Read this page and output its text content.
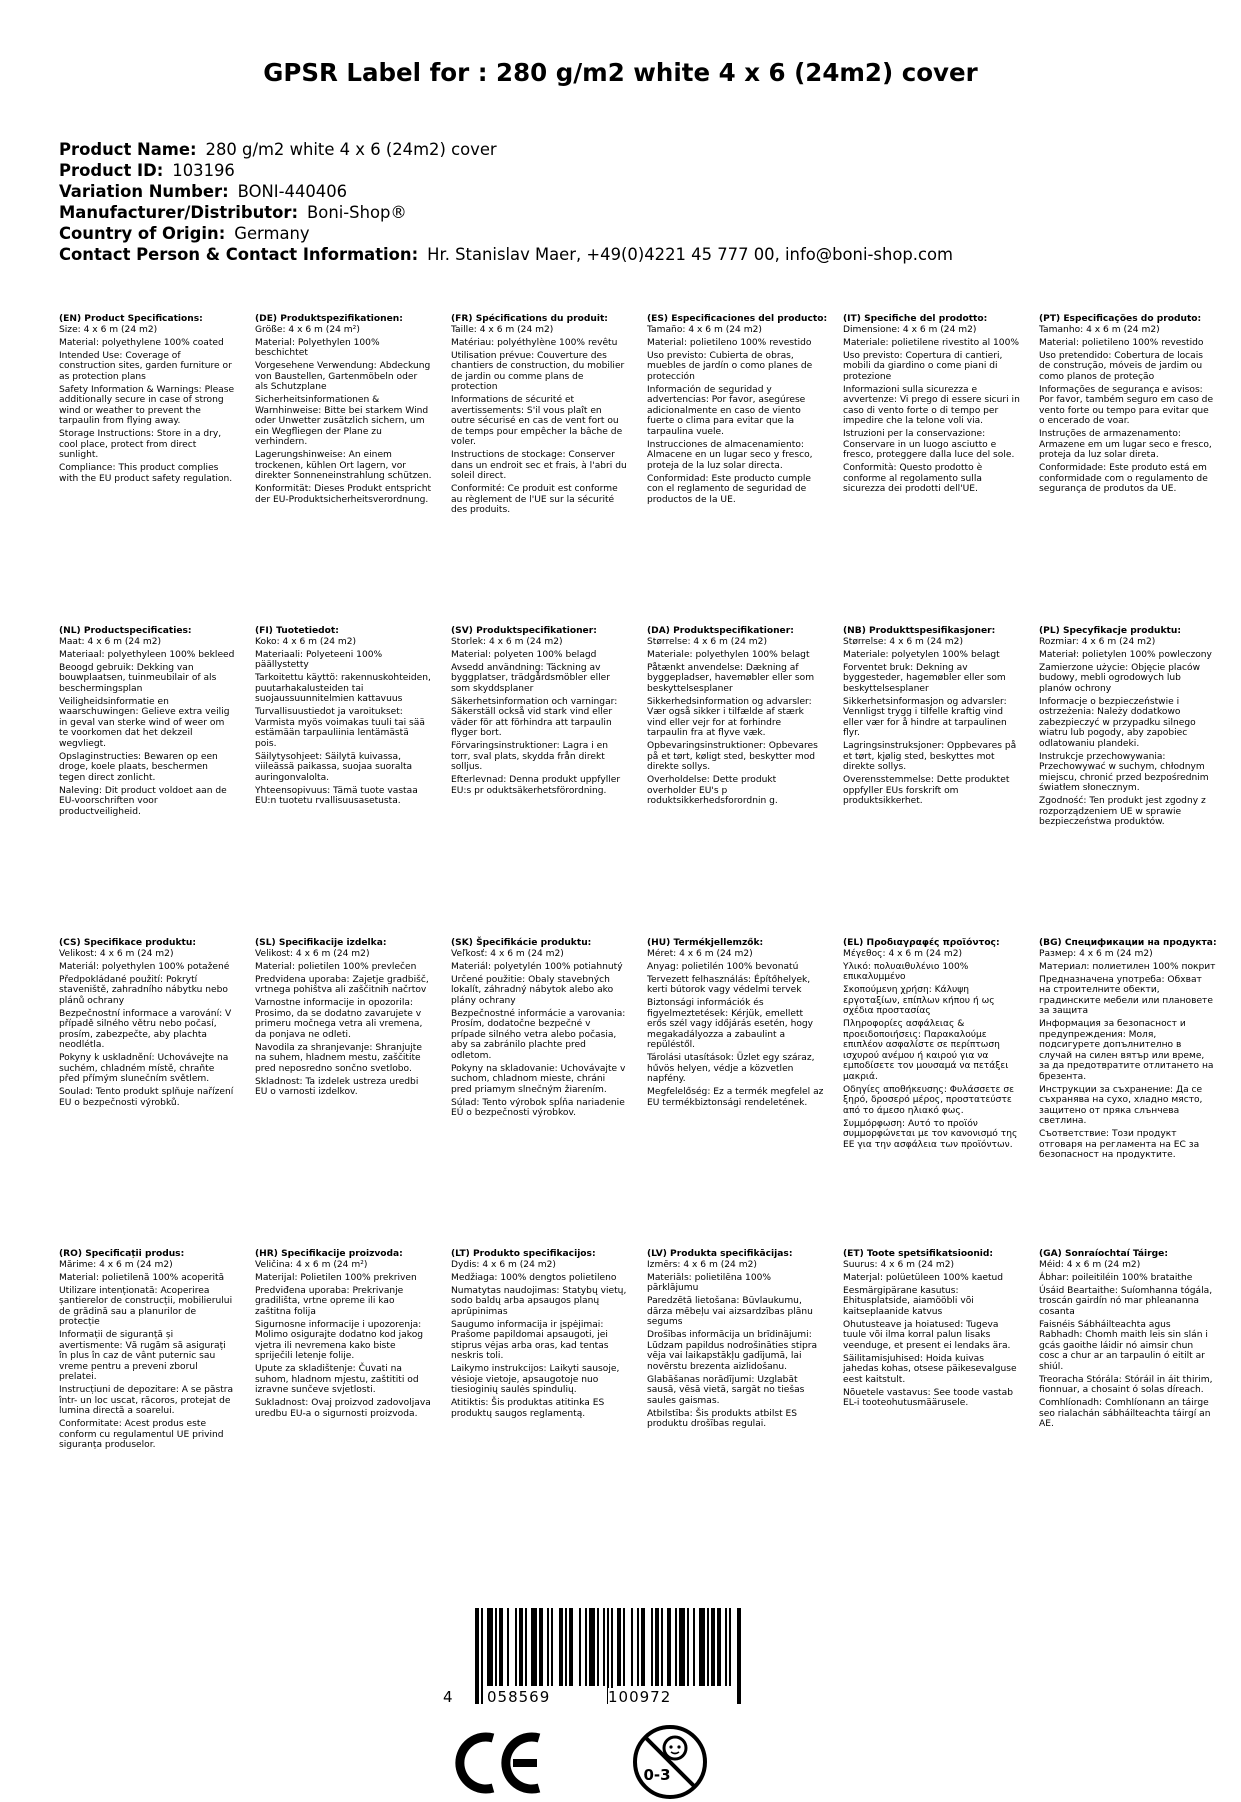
GPSR Label for : 280 g/m2 white 4 x 6 (24m2) cover
Product Name: 280 g/m2 white 4 x 6 (24m2) cover
Product ID: 103196
Variation Number: BONI-440406
Manufacturer/Distributor: Boni-Shop®
Country of Origin: Germany
Contact Person & Contact Information: Hr. Stanislav Maer, +49(0)4221 45 777 00, info@boni-shop.com
(EN) Product Specifications:

Size: 4 x 6 m (24 m2)

Material: polyethylene 100% coated

Intended Use: Coverage of construction sites, garden furniture or as protection plans

Safety Information & Warnings: Please additionally secure in case of strong wind or weather to prevent the tarpaulin from flying away.

Storage Instructions: Store in a dry, cool place, protect from direct sunlight.

Compliance: This product complies with the EU product safety regulation.

(DE) Produktspezifikationen:

Größe: 4 x 6 m (24 m²)

Material: Polyethylen 100% beschichtet

Vorgesehene Verwendung: Abdeckung von Baustellen, Gartenmöbeln oder als Schutzplane

Sicherheitsinformationen & Warnhinweise: Bitte bei starkem Wind oder Unwetter zusätzlich sichern, um ein Wegfliegen der Plane zu verhindern.

Lagerungshinweise: An einem trockenen, kühlen Ort lagern, vor direkter Sonneneinstrahlung schützen.

Konformität: Dieses Produkt entspricht der EU-Produktsicherheitsverordnung.

(FR) Spécifications du produit:

Taille: 4 x 6 m (24 m2)

Matériau: polyéthylène 100% revêtu

Utilisation prévue: Couverture des chantiers de construction, du mobilier de jardin ou comme plans de protection

Informations de sécurité et avertissements: S'il vous plaît en outre sécurisé en cas de vent fort ou de temps pour empêcher la bâche de voler.

Instructions de stockage: Conserver dans un endroit sec et frais, à l'abri du soleil direct.

Conformité: Ce produit est conforme au règlement de l'UE sur la sécurité des produits.

(ES) Especificaciones del producto:

Tamaño: 4 x 6 m (24 m2)

Material: polietileno 100% revestido

Uso previsto: Cubierta de obras, muebles de jardín o como planes de protección

Información de seguridad y advertencias: Por favor, asegúrese adicionalmente en caso de viento fuerte o clima para evitar que la tarpaulina vuele.

Instrucciones de almacenamiento: Almacene en un lugar seco y fresco, proteja de la luz solar directa.

Conformidad: Este producto cumple con el reglamento de seguridad de productos de la UE.

(IT) Specifiche del prodotto:

Dimensione: 4 x 6 m (24 m2)

Materiale: polietilene rivestito al 100%

Uso previsto: Copertura di cantieri, mobili da giardino o come piani di protezione

Informazioni sulla sicurezza e avvertenze: Vi prego di essere sicuri in caso di vento forte o di tempo per impedire che la telone voli via.

Istruzioni per la conservazione: Conservare in un luogo asciutto e fresco, proteggere dalla luce del sole.

Conformità: Questo prodotto è conforme al regolamento sulla sicurezza dei prodotti dell'UE.

(PT) Especificações do produto:

Tamanho: 4 x 6 m (24 m2)

Material: polietileno 100% revestido

Uso pretendido: Cobertura de locais de construção, móveis de jardim ou como planos de proteção

Informações de segurança e avisos: Por favor, também seguro em caso de vento forte ou tempo para evitar que o encerado de voar.

Instruções de armazenamento: Armazene em um lugar seco e fresco, proteja da luz solar direta.

Conformidade: Este produto está em conformidade com o regulamento de segurança de produtos da UE.

(NL) Productspecificaties:

Maat: 4 x 6 m (24 m2)

Materiaal: polyethyleen 100% bekleed

Beoogd gebruik: Dekking van bouwplaatsen, tuinmeubilair of als beschermingsplan

Veiligheidsinformatie en waarschuwingen: Gelieve extra veilig in geval van sterke wind of weer om te voorkomen dat het dekzeil wegvliegt.

Opslaginstructies: Bewaren op een droge, koele plaats, beschermen tegen direct zonlicht.

Naleving: Dit product voldoet aan de EU-voorschriften voor productveiligheid.

(FI) Tuotetiedot:

Koko: 4 x 6 m (24 m2)

Materiaali: Polyeteeni 100% päällystetty

Tarkoitettu käyttö: rakennuskohteiden, puutarhakalusteiden tai suojaussuunnitelmien kattavuus

Turvallisuustiedot ja varoitukset: Varmista myös voimakas tuuli tai sää estämään tarpauliinia lentämästä pois.

Säilytysohjeet: Säilytä kuivassa, viileässä paikassa, suojaa suoralta auringonvalolta.

Yhteensopivuus: Tämä tuote vastaa EU:n tuotetu rvallisuusasetusta.

(SV) Produktspecifikationer:

Storlek: 4 x 6 m (24 m2)

Material: polyeten 100% belagd

Avsedd användning: Täckning av byggplatser, trädgårdsmöbler eller som skyddsplaner

Säkerhetsinformation och varningar: Säkerställ också vid stark vind eller väder för att förhindra att tarpaulin flyger bort.

Förvaringsinstruktioner: Lagra i en torr, sval plats, skydda från direkt solljus.

Efterlevnad: Denna produkt uppfyller EU:s pr oduktsäkerhetsförordning.

(DA) Produktspecifikationer:

Størrelse: 4 x 6 m (24 m2)

Materiale: polyethylen 100% belagt

Påtænkt anvendelse: Dækning af byggepladser, havemøbler eller som beskyttelsesplaner

Sikkerhedsinformation og advarsler: Vær også sikker i tilfælde af stærk vind eller vejr for at forhindre tarpaulin fra at flyve væk.

Opbevaringsinstruktioner: Opbevares på et tørt, køligt sted, beskytter mod direkte sollys.

Overholdelse: Dette produkt overholder EU's p roduktsikkerhedsforordnin g.

(NB) Produkttspesifikasjoner:

Størrelse: 4 x 6 m (24 m2)

Materiale: polyetylen 100% belagt

Forventet bruk: Dekning av byggesteder, hagemøbler eller som beskyttelsesplaner

Sikkerhetsinformasjon og advarsler: Vennligst trygg i tilfelle kraftig vind eller vær for å hindre at tarpaulinen flyr.

Lagringsinstruksjoner: Oppbevares på et tørt, kjølig sted, beskyttes mot direkte sollys.

Overensstemmelse: Dette produktet oppfyller EUs forskrift om produktsikkerhet.

(PL) Specyfikacje produktu:

Rozmiar: 4 x 6 m (24 m2)

Materiał: polietylen 100% powleczony

Zamierzone użycie: Objęcie placów budowy, mebli ogrodowych lub planów ochrony

Informacje o bezpieczeństwie i ostrzeżenia: Należy dodatkowo zabezpieczyć w przypadku silnego wiatru lub pogody, aby zapobiec odlatowaniu plandeki.

Instrukcje przechowywania: Przechowywać w suchym, chłodnym miejscu, chronić przed bezpośrednim światłem słonecznym.

Zgodność: Ten produkt jest zgodny z rozporządzeniem UE w sprawie bezpieczeństwa produktów.

(CS) Specifikace produktu:

Velikost: 4 x 6 m (24 m2)

Materiál: polyethylen 100% potažené

Předpokládané použití: Pokrytí staveniště, zahradního nábytku nebo plánů ochrany

Bezpečnostní informace a varování: V případě silného větru nebo počasí, prosím, zabezpečte, aby plachta neodlétla.

Pokyny k uskladnění: Uchovávejte na suchém, chladném místě, chraňte před přímým slunečním světlem.

Soulad: Tento produkt splňuje nařízení EU o bezpečnosti výrobků.

(SL) Specifikacije izdelka:

Velikost: 4 x 6 m (24 m2)

Material: polietilen 100% prevlečen

Predvidena uporaba: Zajetje gradbišč, vrtnega pohištva ali zaščitnih načrtov

Varnostne informacije in opozorila: Prosimo, da se dodatno zavarujete v primeru močnega vetra ali vremena, da ponjava ne odleti.

Navodila za shranjevanje: Shranjujte na suhem, hladnem mestu, zaščitite pred neposredno sončno svetlobo.

Skladnost: Ta izdelek ustreza uredbi EU o varnosti izdelkov.

(SK) Špecifikácie produktu:

Veľkosť: 4 x 6 m (24 m2)

Materiál: polyetylén 100% potiahnutý

Určené použitie: Obaly stavebných lokalít, záhradný nábytok alebo ako plány ochrany

Bezpečnostné informácie a varovania: Prosím, dodatočne bezpečné v prípade silného vetra alebo počasia, aby sa zabránilo plachte pred odletom.

Pokyny na skladovanie: Uchovávajte v suchom, chladnom mieste, chráni pred priamym slnečným žiarením.

Súlad: Tento výrobok spĺňa nariadenie EÚ o bezpečnosti výrobkov.

(HU) Termékjellemzők:

Méret: 4 x 6 m (24 m2)

Anyag: polietilén 100% bevonatú

Tervezett felhasználás: Építőhelyek, kerti bútorok vagy védelmi tervek

Biztonsági információk és figyelmeztetések: Kérjük, emellett erős szél vagy időjárás esetén, hogy megakadályozza a zabaulint a repüléstől.

Tárolási utasítások: Üzlet egy száraz, hűvös helyen, védje a közvetlen napfény.

Megfelelőség: Ez a termék megfelel az EU termékbiztonsági rendeletének.

(EL) Προδιαγραφές προϊόντος:

Μέγεθος: 4 x 6 m (24 m2)

Υλικό: πολυαιθυλένιο 100% επικαλυμμένο

Σκοπούμενη χρήση: Κάλυψη εργοταξίων, επίπλων κήπου ή ως σχέδια προστασίας

Πληροφορίες ασφάλειας & προειδοποιήσεις: Παρακαλούμε επιπλέον ασφαλίστε σε περίπτωση ισχυρού ανέμου ή καιρού για να εμποδίσετε τον μουσαμά να πετάξει μακριά.

Οδηγίες αποθήκευσης: Φυλάσσετε σε ξηρό, δροσερό μέρος, προστατεύστε από το άμεσο ηλιακό φως.

Συμμόρφωση: Αυτό το προϊόν συμμορφώνεται με τον κανονισμό της ΕΕ για την ασφάλεια των προϊόντων.

(BG) Спецификации на продукта:

Размер: 4 x 6 m (24 m2)

Материал: полиетилен 100% покрит

Предназначена употреба: Обхват на строителните обекти, градинските мебели или плановете за защита

Информация за безопасност и предупреждения: Моля, подсигурете допълнително в случай на силен вятър или време, за да предотвратите отлитането на брезента.

Инструкции за съхранение: Да се съхранява на сухо, хладно място, защитено от пряка слънчева светлина.

Съответствие: Този продукт отговаря на регламента на ЕС за безопасност на продуктите.

(RO) Specificații produs:

Mărime: 4 x 6 m (24 m2)

Material: polietilenă 100% acoperită

Utilizare intenționată: Acoperirea șantierelor de construcții, mobilierului de grădină sau a planurilor de protecție

Informații de siguranță și avertismente: Vă rugăm să asigurați în plus în caz de vânt puternic sau vreme pentru a preveni zborul prelatei.

Instrucțiuni de depozitare: A se păstra într- un loc uscat, răcoros, protejat de lumina directă a soarelui.

Conformitate: Acest produs este conform cu regulamentul UE privind siguranța produselor.

(HR) Specifikacije proizvoda:

Veličina: 4 x 6 m (24 m²)

Materijal: Polietilen 100% prekriven

Predviđena uporaba: Prekrivanje gradilišta, vrtne opreme ili kao zaštitna folija

Sigurnosne informacije i upozorenja: Molimo osigurajte dodatno kod jakog vjetra ili nevremena kako biste spriječili letenje folije.

Upute za skladištenje: Čuvati na suhom, hladnom mjestu, zaštititi od izravne sunčeve svjetlosti.

Sukladnost: Ovaj proizvod zadovoljava uredbu EU-a o sigurnosti proizvoda.

(LT) Produkto specifikacijos:

Dydis: 4 x 6 m (24 m2)

Medžiaga: 100% dengtos polietileno

Numatytas naudojimas: Statybų vietų, sodo baldų arba apsaugos planų aprūpinimas

Saugumo informacija ir įspėjimai: Prašome papildomai apsaugoti, jei stiprus vėjas arba oras, kad tentas neskris toli.

Laikymo instrukcijos: Laikyti sausoje, vėsioje vietoje, apsaugotoje nuo tiesioginių saulės spindulių.

Atitiktis: Šis produktas atitinka ES produktų saugos reglamentą.

(LV) Produkta specifikācijas:

Izmērs: 4 x 6 m (24 m2)

Materiāls: polietilēna 100% pārklājumu

Paredzētā lietošana: Būvlaukumu, dārza mēbeļu vai aizsardzības plānu segums

Drošības informācija un brīdinājumi: Lūdzam papildus nodrošināties stipra vēja vai laikapstākļu gadījumā, lai novērstu brezenta aizlidošanu.

Glabāšanas norādījumi: Uzglabāt sausā, vēsā vietā, sargāt no tiešas saules gaismas.

Atbilstība: Šis produkts atbilst ES produktu drošības regulai.

(ET) Toote spetsifikatsioonid:

Suurus: 4 x 6 m (24 m2)

Materjal: polüetüleen 100% kaetud

Eesmärgipärane kasutus: Ehitusplatside, aiamööbli või kaitseplaanide katvus

Ohutusteave ja hoiatused: Tugeva tuule või ilma korral palun lisaks veenduge, et present ei lendaks ära.

Säilitamisjuhised: Hoida kuivas jahedas kohas, otsese päikesevalguse eest kaitstult.

Nõuetele vastavus: See toode vastab EL-i tooteohutusmäärusele.

(GA) Sonraíochtaí Táirge:

Méid: 4 x 6 m (24 m2)

Ábhar: poileitiléin 100% brataithe

Úsáid Beartaithe: Suíomhanna tógála, troscán gairdín nó mar phleananna cosanta

Faisnéis Sábháilteachta agus Rabhadh: Chomh maith leis sin slán i gcás gaoithe láidir nó aimsir chun cosc a chur ar an tarpaulin ó eitilt ar shiúl.

Treoracha Stórála: Stóráil in áit thirim, fionnuar, a chosaint ó solas díreach.

Comhlíonadh: Comhlíonann an táirge seo rialachán sábháilteachta táirgí an AE.

4 058569	100972
0-3
